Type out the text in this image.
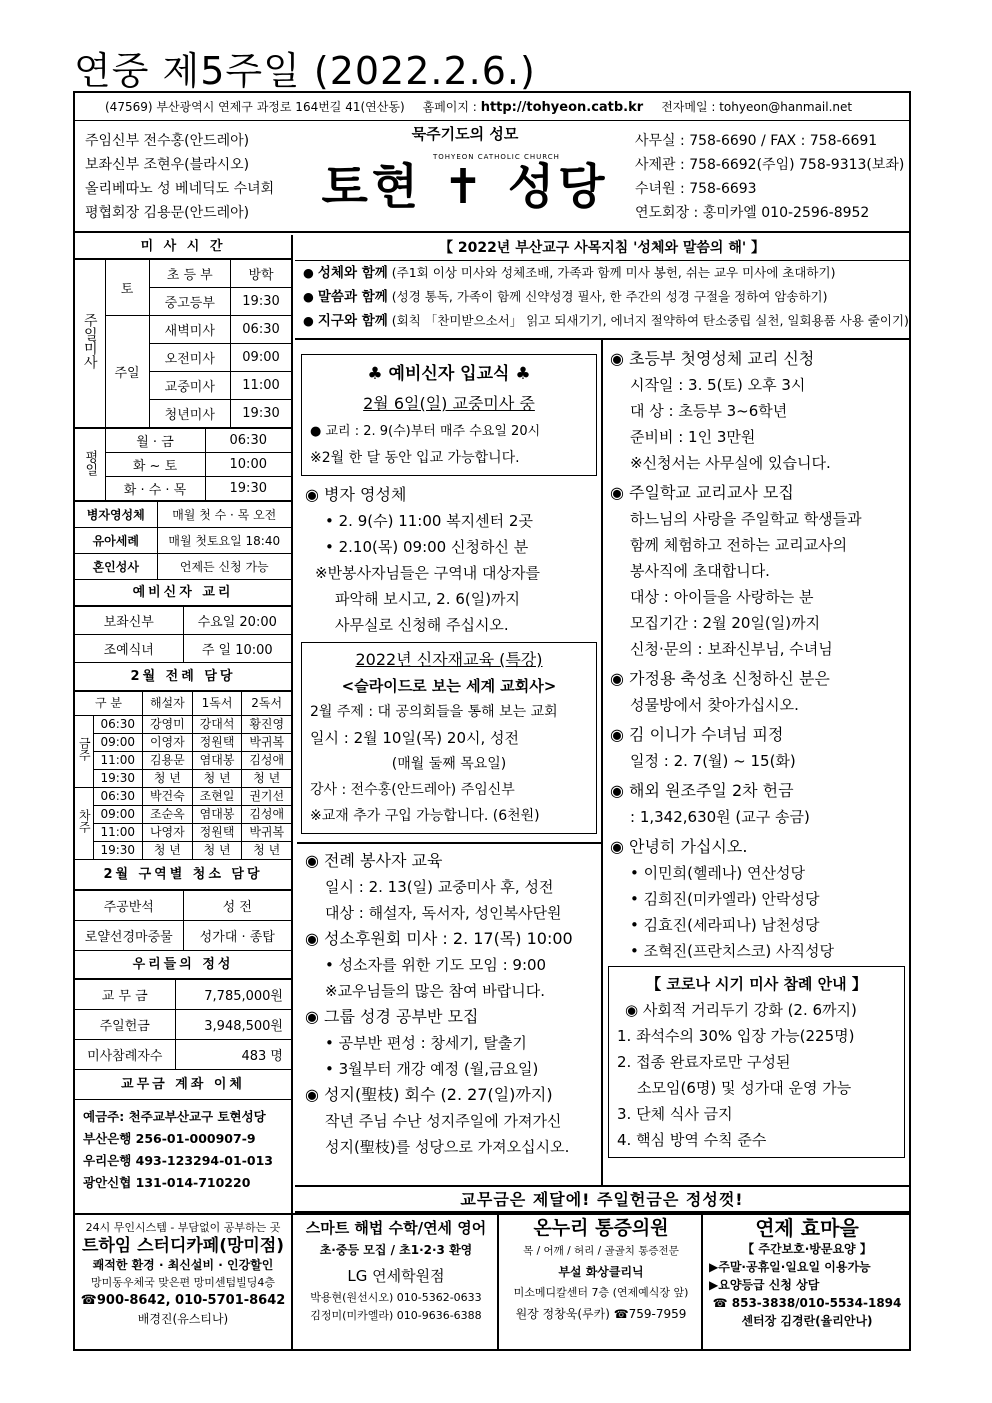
연중 제5주일 (2022.2.6.)
(47569) 부산광역시 연제구 과정로 164번길 41(연산동) 홈페이지 : http://tohyeon.catb.kr 전자메일 : tohyeon@hanmail.net
주임신부 전수홍(안드레아)
보좌신부 조현우(블라시오)
올리베따노 성 베네딕도 수녀회
평협회장 김용문(안드레아)
묵주기도의 성모
토현 ✝ 성당
TOHYEON CATHOLIC CHURCH
사무실 : 758-6690 / FAX : 758-6691
사제관 : 758-6692(주임) 758-9313(보좌)
수녀원 : 758-6693
연도회장 : 홍미카엘 010-2596-8952
미 사 시 간
주일미사	토	초 등 부	방학
		중고등부	19:30
	주일	새벽미사	06:30
		오전미사	09:00
		교중미사	11:00
		청년미사	19:30
평일	월 · 금	06:30
	화 ~ 토	10:00
	화 · 수 · 목	19:30
병자영성체	매월 첫 수 · 목 오전
유아세례	매월 첫토요일 18:40
혼인성사	언제든 신청 가능
예비신자 교리
보좌신부	수요일 20:00
조예식녀	주 일 10:00
2월 전례 담당
구 분		해설자	1독서	2독서
금주	06:30	강영미	강대석	황진영
	09:00	이영자	정원택	박귀복
	11:00	김용문	염대봉	김성애
	19:30	청 년	청 년	청 년
차주	06:30	박건숙	조현일	권기선
	09:00	조순옥	염대봉	김성애
	11:00	나영자	정원택	박귀복
	19:30	청 년	청 년	청 년
2월 구역별 청소 담당
주공반석	성 전
로얄선경마중물	성가대 · 종탑
우리들의 정성
교 무 금	7,785,000원
주일헌금	3,948,500원
미사참례자수	483 명
교무금 계좌 이체
예금주: 천주교부산교구 토현성당
부산은행 256-01-000907-9
우리은행 493-123294-01-013
광안신협 131-014-710220
【 2022년 부산교구 사목지침 '성체와 말씀의 해' 】

● 성체와 함께 (주1회 이상 미사와 성체조배, 가족과 함께 미사 봉헌, 쉬는 교우 미사에 초대하기)

● 말씀과 함께 (성경 통독, 가족이 함께 신약성경 필사, 한 주간의 성경 구절을 정하여 암송하기)

● 지구와 함께 (회칙 「찬미받으소서」 읽고 되새기기, 에너지 절약하여 탄소중립 실천, 일회용품 사용 줄이기)

♣ 예비신자 입교식 ♣
2월 6일(일) 교중미사 중
● 교리 : 2. 9(수)부터 매주 수요일 20시
※2월 한 달 동안 입교 가능합니다.
◉ 병자 영성체
• 2. 9(수) 11:00 복지센터 2곳
• 2.10(목) 09:00 신청하신 분
※반봉사자님들은 구역내 대상자를
파악해 보시고, 2. 6(일)까지
사무실로 신청해 주십시오.
2022년 신자재교육 (특강)
<슬라이드로 보는 세계 교회사>
2월 주제 : 대 공의회들을 통해 보는 교회
일시 : 2월 10일(목) 20시, 성전
(매월 둘째 목요일)
강사 : 전수홍(안드레아) 주임신부
※교재 추가 구입 가능합니다. (6천원)
◉ 전례 봉사자 교육
일시 : 2. 13(일) 교중미사 후, 성전
대상 : 해설자, 독서자, 성인복사단원
◉ 성소후원회 미사 : 2. 17(목) 10:00
• 성소자를 위한 기도 모임 : 9:00
※교우님들의 많은 참여 바랍니다.
◉ 그룹 성경 공부반 모집
• 공부반 편성 : 창세기, 탈출기
• 3월부터 개강 예정 (월,금요일)
◉ 성지(聖枝) 회수 (2. 27(일)까지)
작년 주님 수난 성지주일에 가져가신
성지(聖枝)를 성당으로 가져오십시오.
◉ 초등부 첫영성체 교리 신청
시작일 : 3. 5(토) 오후 3시
대 상 : 초등부 3~6학년
준비비 : 1인 3만원
※신청서는 사무실에 있습니다.
◉ 주일학교 교리교사 모집
하느님의 사랑을 주일학교 학생들과
함께 체험하고 전하는 교리교사의
봉사직에 초대합니다.
대상 : 아이들을 사랑하는 분
모집기간 : 2월 20일(일)까지
신청·문의 : 보좌신부님, 수녀님
◉ 가정용 축성초 신청하신 분은
성물방에서 찾아가십시오.
◉ 김 이니가 수녀님 피정
일정 : 2. 7(월) ~ 15(화)
◉ 해외 원조주일 2차 헌금
: 1,342,630원 (교구 송금)
◉ 안녕히 가십시오.
• 이민희(헬레나) 연산성당
• 김희진(미카엘라) 안락성당
• 김효진(세라피나) 남천성당
• 조혁진(프란치스코) 사직성당
【 코로나 시기 미사 참례 안내 】
◉ 사회적 거리두기 강화 (2. 6까지)
1. 좌석수의 30% 입장 가능(225명)
2. 접종 완료자로만 구성된
소모임(6명) 및 성가대 운영 가능
3. 단체 식사 금지
4. 핵심 방역 수칙 준수
교무금은 제달에! 주일헌금은 정성껏!
24시 무인시스템 - 부담없이 공부하는 곳
트하임 스터디카페(망미점)
쾌적한 환경 · 최신설비 · 인강할인
망미동우체국 맞은편 망미센텀빌딩4층
☎900-8642, 010-5701-8642
배경진(유스티나)
스마트 해법 수학/연세 영어
초·중등 모집 / 초1·2·3 환영
LG 연세학원점
박용현(원선시오) 010-5362-0633
김정미(미카엘라) 010-9636-6388
온누리 통증의원
목 / 어깨 / 허리 / 골골치 통증전문
부설 화상클리닉
미소메디칼센터 7층 (연제예식장 앞)
원장 정창욱(루카) ☎759-7959
연제 효마을
【 주간보호·방문요양 】
▶주말·공휴일·일요일 이용가능
▶요양등급 신청 상담
☎ 853-3838/010-5534-1894
센터장 김경란(율리안나)
